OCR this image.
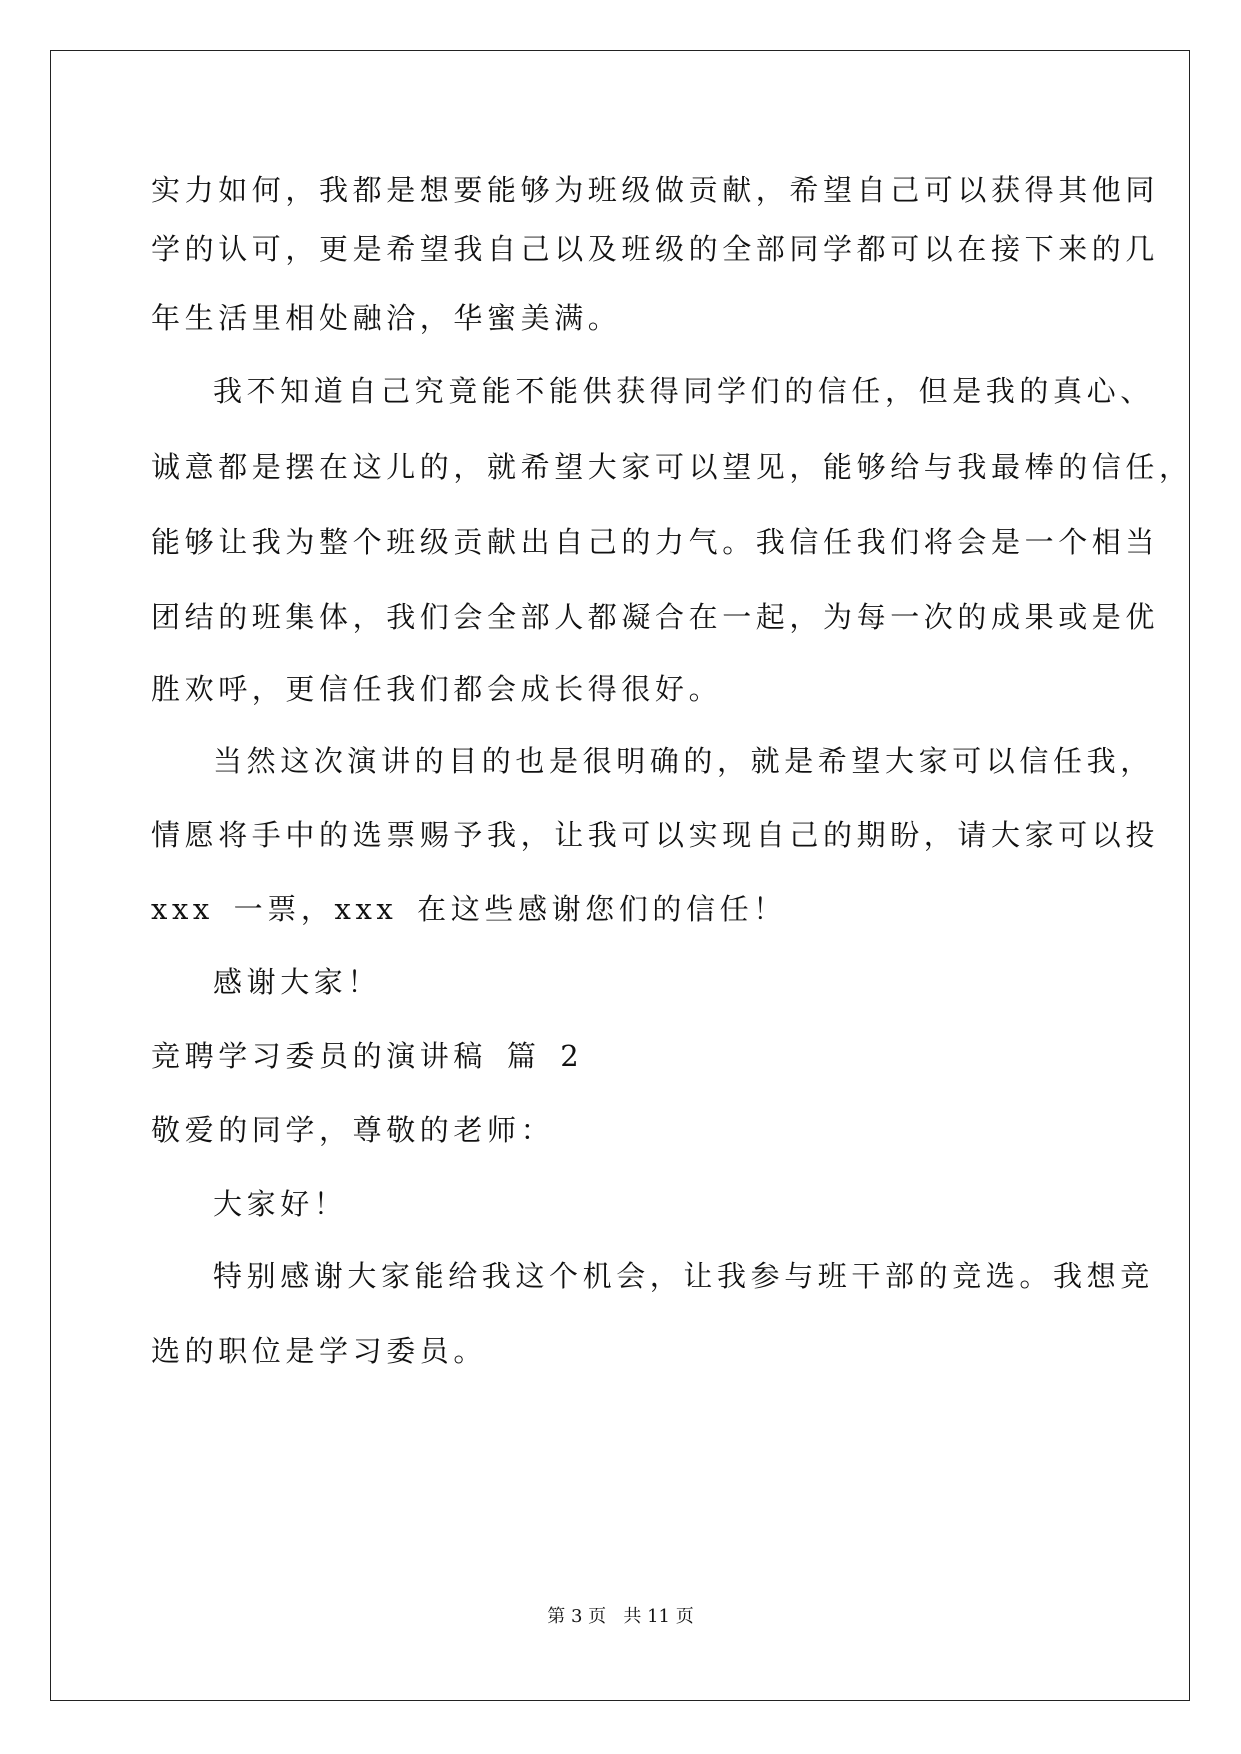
实力如何，我都是想要能够为班级做贡献，希望自己可以获得其他同
学的认可，更是希望我自己以及班级的全部同学都可以在接下来的几
年生活里相处融洽，华蜜美满。
我不知道自己究竟能不能供获得同学们的信任，但是我的真心、
诚意都是摆在这儿的，就希望大家可以望见，能够给与我最棒的信任，
能够让我为整个班级贡献出自己的力气。我信任我们将会是一个相当
团结的班集体，我们会全部人都凝合在一起，为每一次的成果或是优
胜欢呼，更信任我们都会成长得很好。
当然这次演讲的目的也是很明确的，就是希望大家可以信任我，
情愿将手中的选票赐予我，让我可以实现自己的期盼，请大家可以投
xxx 一票，xxx 在这些感谢您们的信任！
感谢大家！
竞聘学习委员的演讲稿 篇 2
敬爱的同学，尊敬的老师：
大家好！
特别感谢大家能给我这个机会，让我参与班干部的竞选。我想竞
选的职位是学习委员。
第 3 页   共 11 页
